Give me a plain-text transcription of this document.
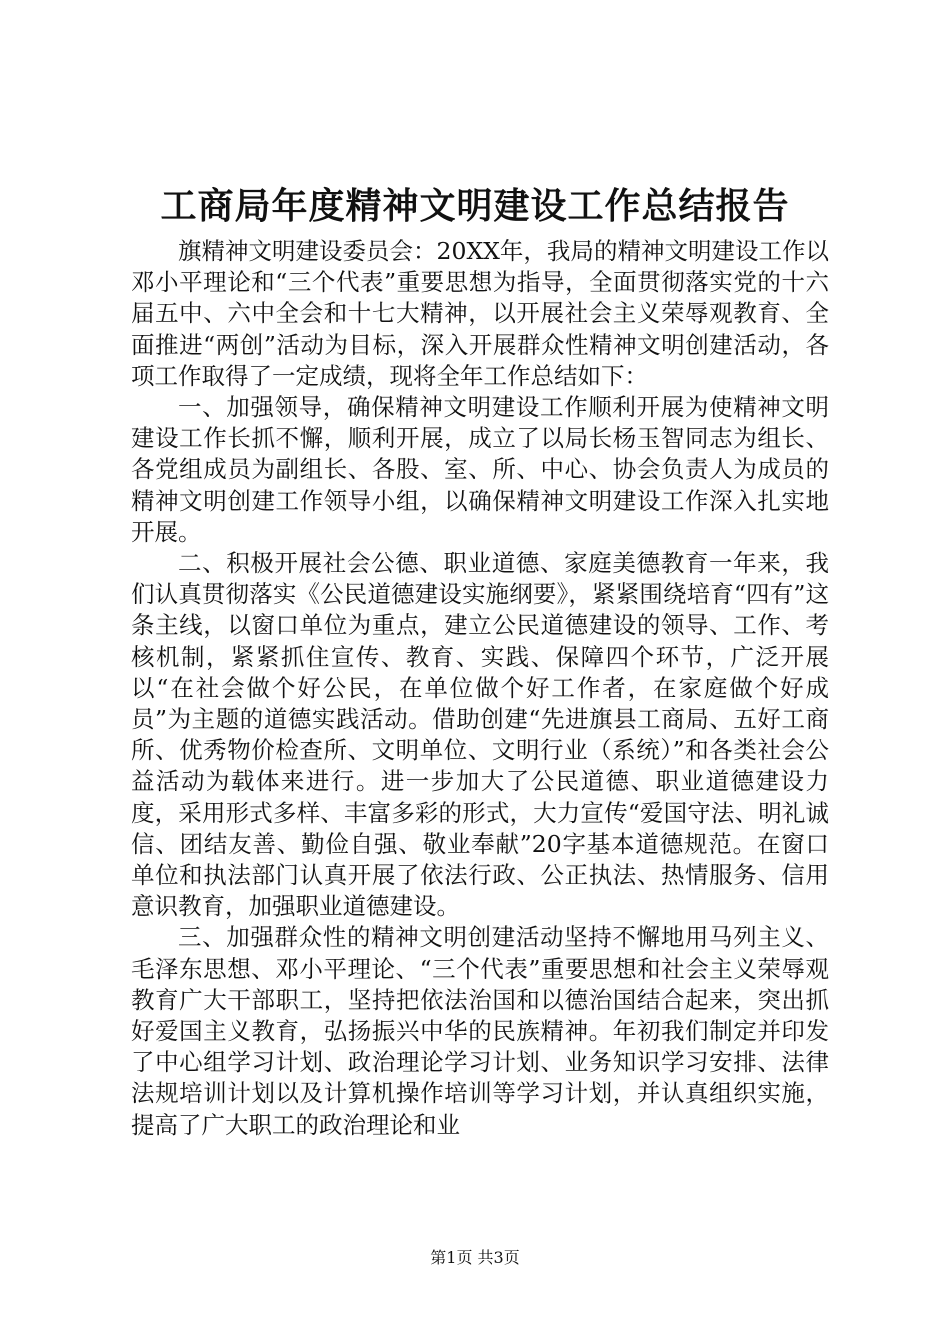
工商局年度精神文明建设工作总结报告

旗精神文明建设委员会：20XX年，我局的精神文明建设工作以邓小平理论和“三个代表”重要思想为指导，全面贯彻落实党的十六届五中、六中全会和十七大精神，以开展社会主义荣辱观教育、全面推进“两创”活动为目标，深入开展群众性精神文明创建活动，各项工作取得了一定成绩，现将全年工作总结如下：

一、加强领导，确保精神文明建设工作顺利开展为使精神文明建设工作长抓不懈，顺利开展，成立了以局长杨玉智同志为组长、各党组成员为副组长、各股、室、所、中心、协会负责人为成员的精神文明创建工作领导小组，以确保精神文明建设工作深入扎实地开展。

二、积极开展社会公德、职业道德、家庭美德教育一年来，我们认真贯彻落实《公民道德建设实施纲要》，紧紧围绕培育“四有”这条主线，以窗口单位为重点，建立公民道德建设的领导、工作、考核机制，紧紧抓住宣传、教育、实践、保障四个环节，广泛开展以“在社会做个好公民，在单位做个好工作者，在家庭做个好成员”为主题的道德实践活动。借助创建“先进旗县工商局、五好工商所、优秀物价检查所、文明单位、文明行业（系统）”和各类社会公益活动为载体来进行。进一步加大了公民道德、职业道德建设力度，采用形式多样、丰富多彩的形式，大力宣传“爱国守法、明礼诚信、团结友善、勤俭自强、敬业奉献”20字基本道德规范。在窗口单位和执法部门认真开展了依法行政、公正执法、热情服务、信用意识教育，加强职业道德建设。

三、加强群众性的精神文明创建活动坚持不懈地用马列主义、毛泽东思想、邓小平理论、“三个代表”重要思想和社会主义荣辱观教育广大干部职工，坚持把依法治国和以德治国结合起来，突出抓好爱国主义教育，弘扬振兴中华的民族精神。年初我们制定并印发了中心组学习计划、政治理论学习计划、业务知识学习安排、法律法规培训计划以及计算机操作培训等学习计划，并认真组织实施，提高了广大职工的政治理论和业

第1页 共3页
